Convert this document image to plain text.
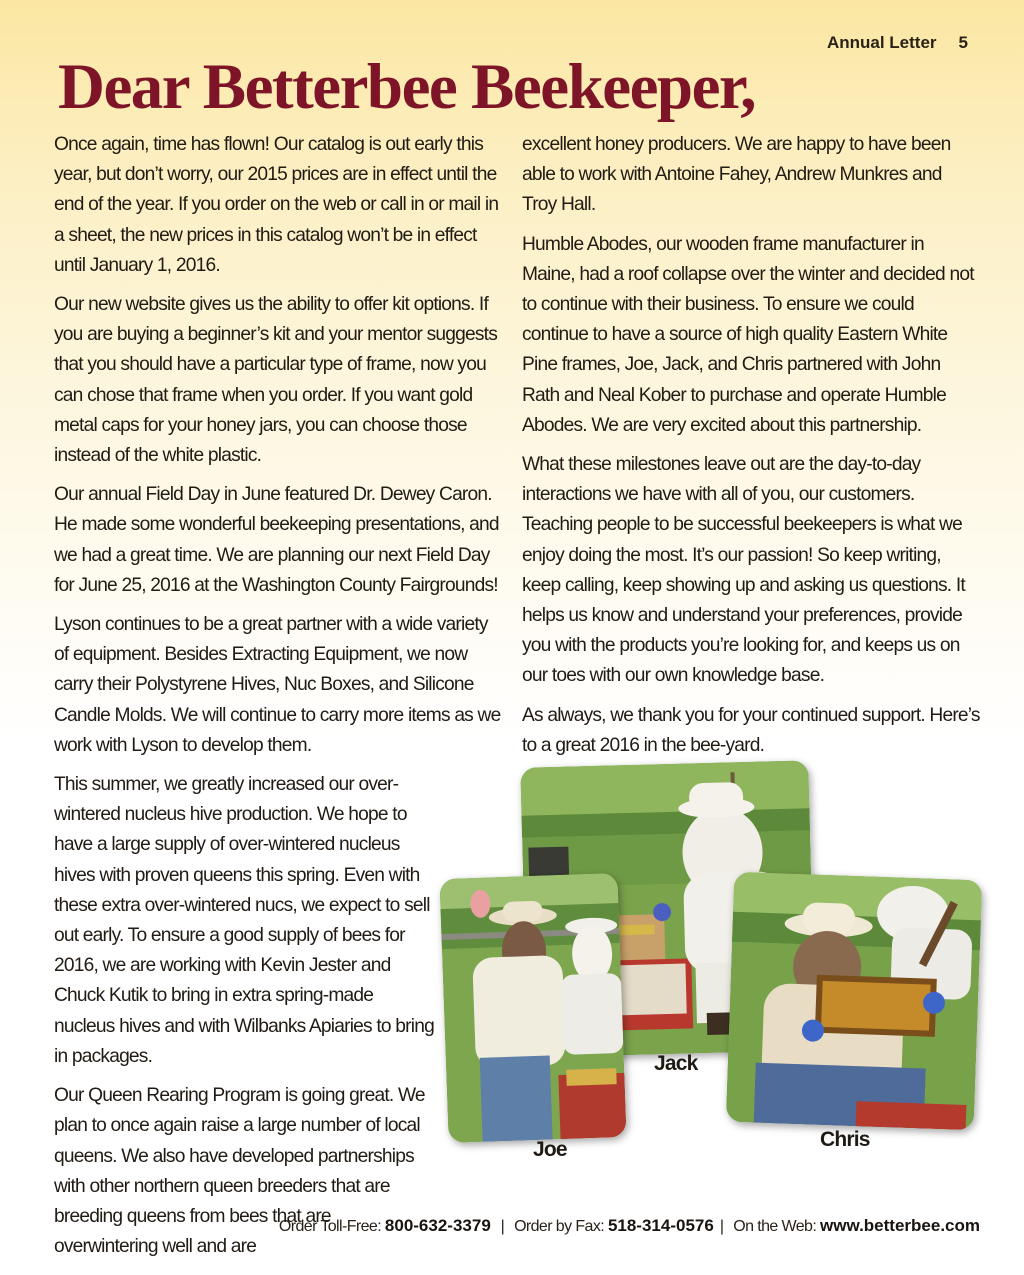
Annual Letter 5
Dear Betterbee Beekeeper,

Once again, time has flown! Our catalog is out early this year, but don’t worry, our 2015 prices are in effect until the end of the year. If you order on the web or call in or mail in a sheet, the new prices in this catalog won’t be in effect until January 1, 2016.

Our new website gives us the ability to offer kit options. If you are buying a beginner’s kit and your mentor suggests that you should have a particular type of frame, now you can chose that frame when you order. If you want gold metal caps for your honey jars, you can choose those instead of the white plastic.

Our annual Field Day in June featured Dr. Dewey Caron. He made some wonderful beekeeping presentations, and we had a great time. We are planning our next Field Day for June 25, 2016 at the Washington County Fairgrounds!

Lyson continues to be a great partner with a wide variety of equipment. Besides Extracting Equipment, we now carry their Polystyrene Hives, Nuc Boxes, and Silicone Candle Molds. We will continue to carry more items as we work with Lyson to develop them.

This summer, we greatly increased our over-wintered nucleus hive production. We hope to have a large supply of over-wintered nucleus hives with proven queens this spring. Even with these extra over-wintered nucs, we expect to sell out early. To ensure a good supply of bees for 2016, we are working with Kevin Jester and Chuck Kutik to bring in extra spring-made nucleus hives and with Wilbanks Apiaries to bring in packages.

Our Queen Rearing Program is going great. We plan to once again raise a large number of local queens. We also have developed partnerships with other northern queen breeders that are breeding queens from bees that are overwintering well and are

excellent honey producers. We are happy to have been able to work with Antoine Fahey, Andrew Munkres and Troy Hall.

Humble Abodes, our wooden frame manufacturer in Maine, had a roof collapse over the winter and decided not to continue with their business. To ensure we could continue to have a source of high quality Eastern White Pine frames, Joe, Jack, and Chris partnered with John Rath and Neal Kober to purchase and operate Humble Abodes. We are very excited about this partnership.

What these milestones leave out are the day-to-day interactions we have with all of you, our customers. Teaching people to be successful beekeepers is what we enjoy doing the most. It’s our passion! So keep writing, keep calling, keep showing up and asking us questions. It helps us know and understand your preferences, provide you with the products you’re looking for, and keeps us on our toes with our own knowledge base.

As always, we thank you for your continued support. Here’s to a great 2016 in the bee-yard.

Jack
Joe	Chris
Order Toll-Free: 800-632-3379 | Order by Fax: 518-314-0576 | On the Web: www.betterbee.com
